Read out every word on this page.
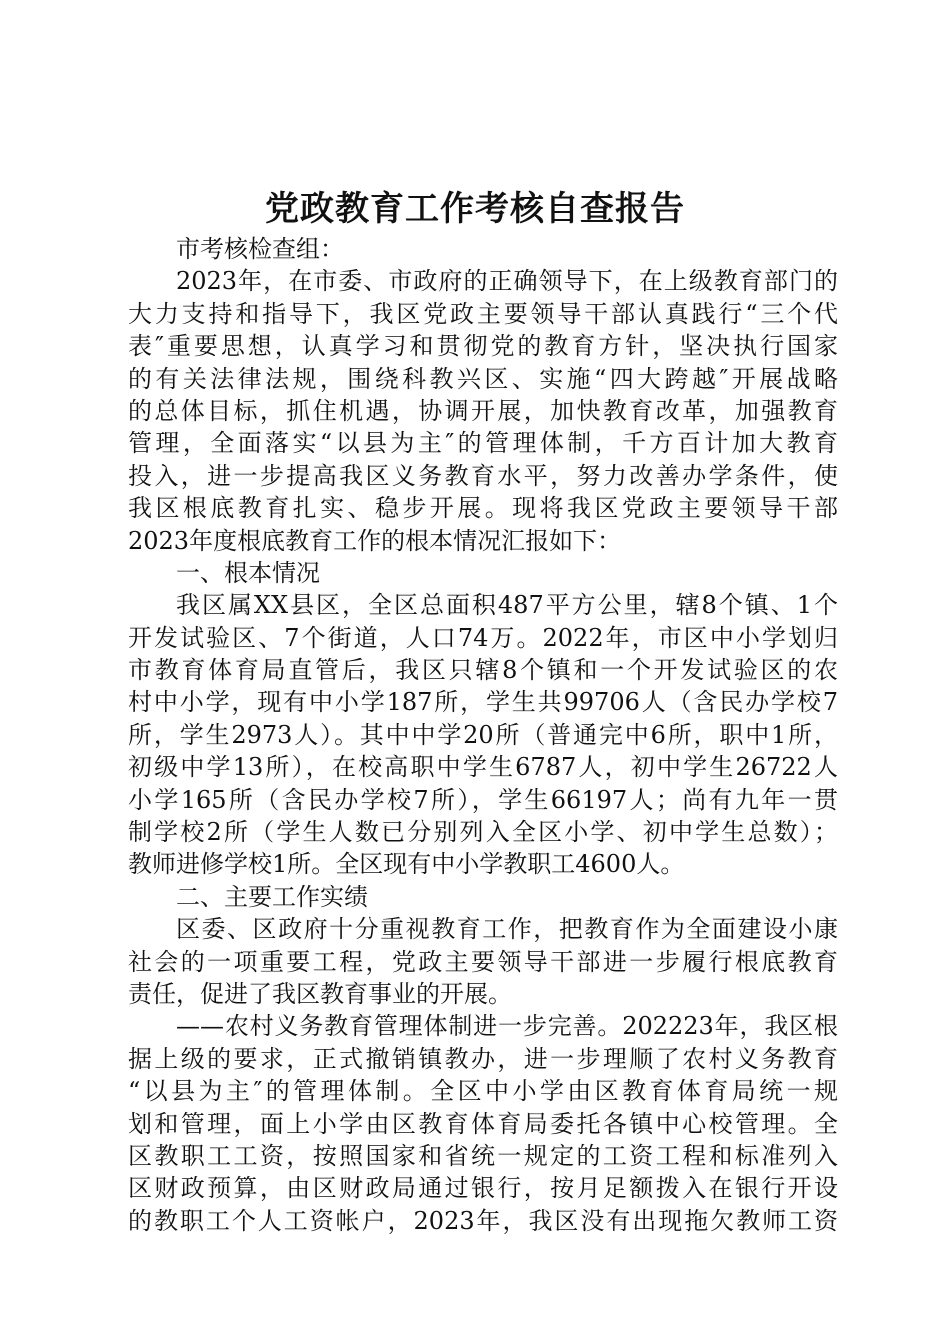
党政教育工作考核自查报告
市考核检查组：
2023年，在市委、市政府的正确领导下，在上级教育部门的
大力支持和指导下，我区党政主要领导干部认真践行“三个代
表″重要思想，认真学习和贯彻党的教育方针，坚决执行国家
的有关法律法规，围绕科教兴区、实施“四大跨越″开展战略
的总体目标，抓住机遇，协调开展，加快教育改革，加强教育
管理，全面落实“以县为主″的管理体制，千方百计加大教育
投入，进一步提高我区义务教育水平，努力改善办学条件，使
我区根底教育扎实、稳步开展。现将我区党政主要领导干部
2023年度根底教育工作的根本情况汇报如下：
一、根本情况
我区属XX县区，全区总面积487平方公里，辖8个镇、1个
开发试验区、7个街道，人口74万。2022年，市区中小学划归
市教育体育局直管后，我区只辖8个镇和一个开发试验区的农
村中小学，现有中小学187所，学生共99706人（含民办学校7
所，学生2973人）。其中中学20所（普通完中6所，职中1所，
初级中学13所），在校高职中学生6787人，初中学生26722人
小学165所（含民办学校7所），学生66197人；尚有九年一贯
制学校2所（学生人数已分别列入全区小学、初中学生总数）；
教师进修学校1所。全区现有中小学教职工4600人。
二、主要工作实绩
区委、区政府十分重视教育工作，把教育作为全面建设小康
社会的一项重要工程，党政主要领导干部进一步履行根底教育
责任，促进了我区教育事业的开展。
——农村义务教育管理体制进一步完善。202223年，我区根
据上级的要求，正式撤销镇教办，进一步理顺了农村义务教育
“以县为主″的管理体制。全区中小学由区教育体育局统一规
划和管理，面上小学由区教育体育局委托各镇中心校管理。全
区教职工工资，按照国家和省统一规定的工资工程和标准列入
区财政预算，由区财政局通过银行，按月足额拨入在银行开设
的教职工个人工资帐户，2023年，我区没有出现拖欠教师工资
